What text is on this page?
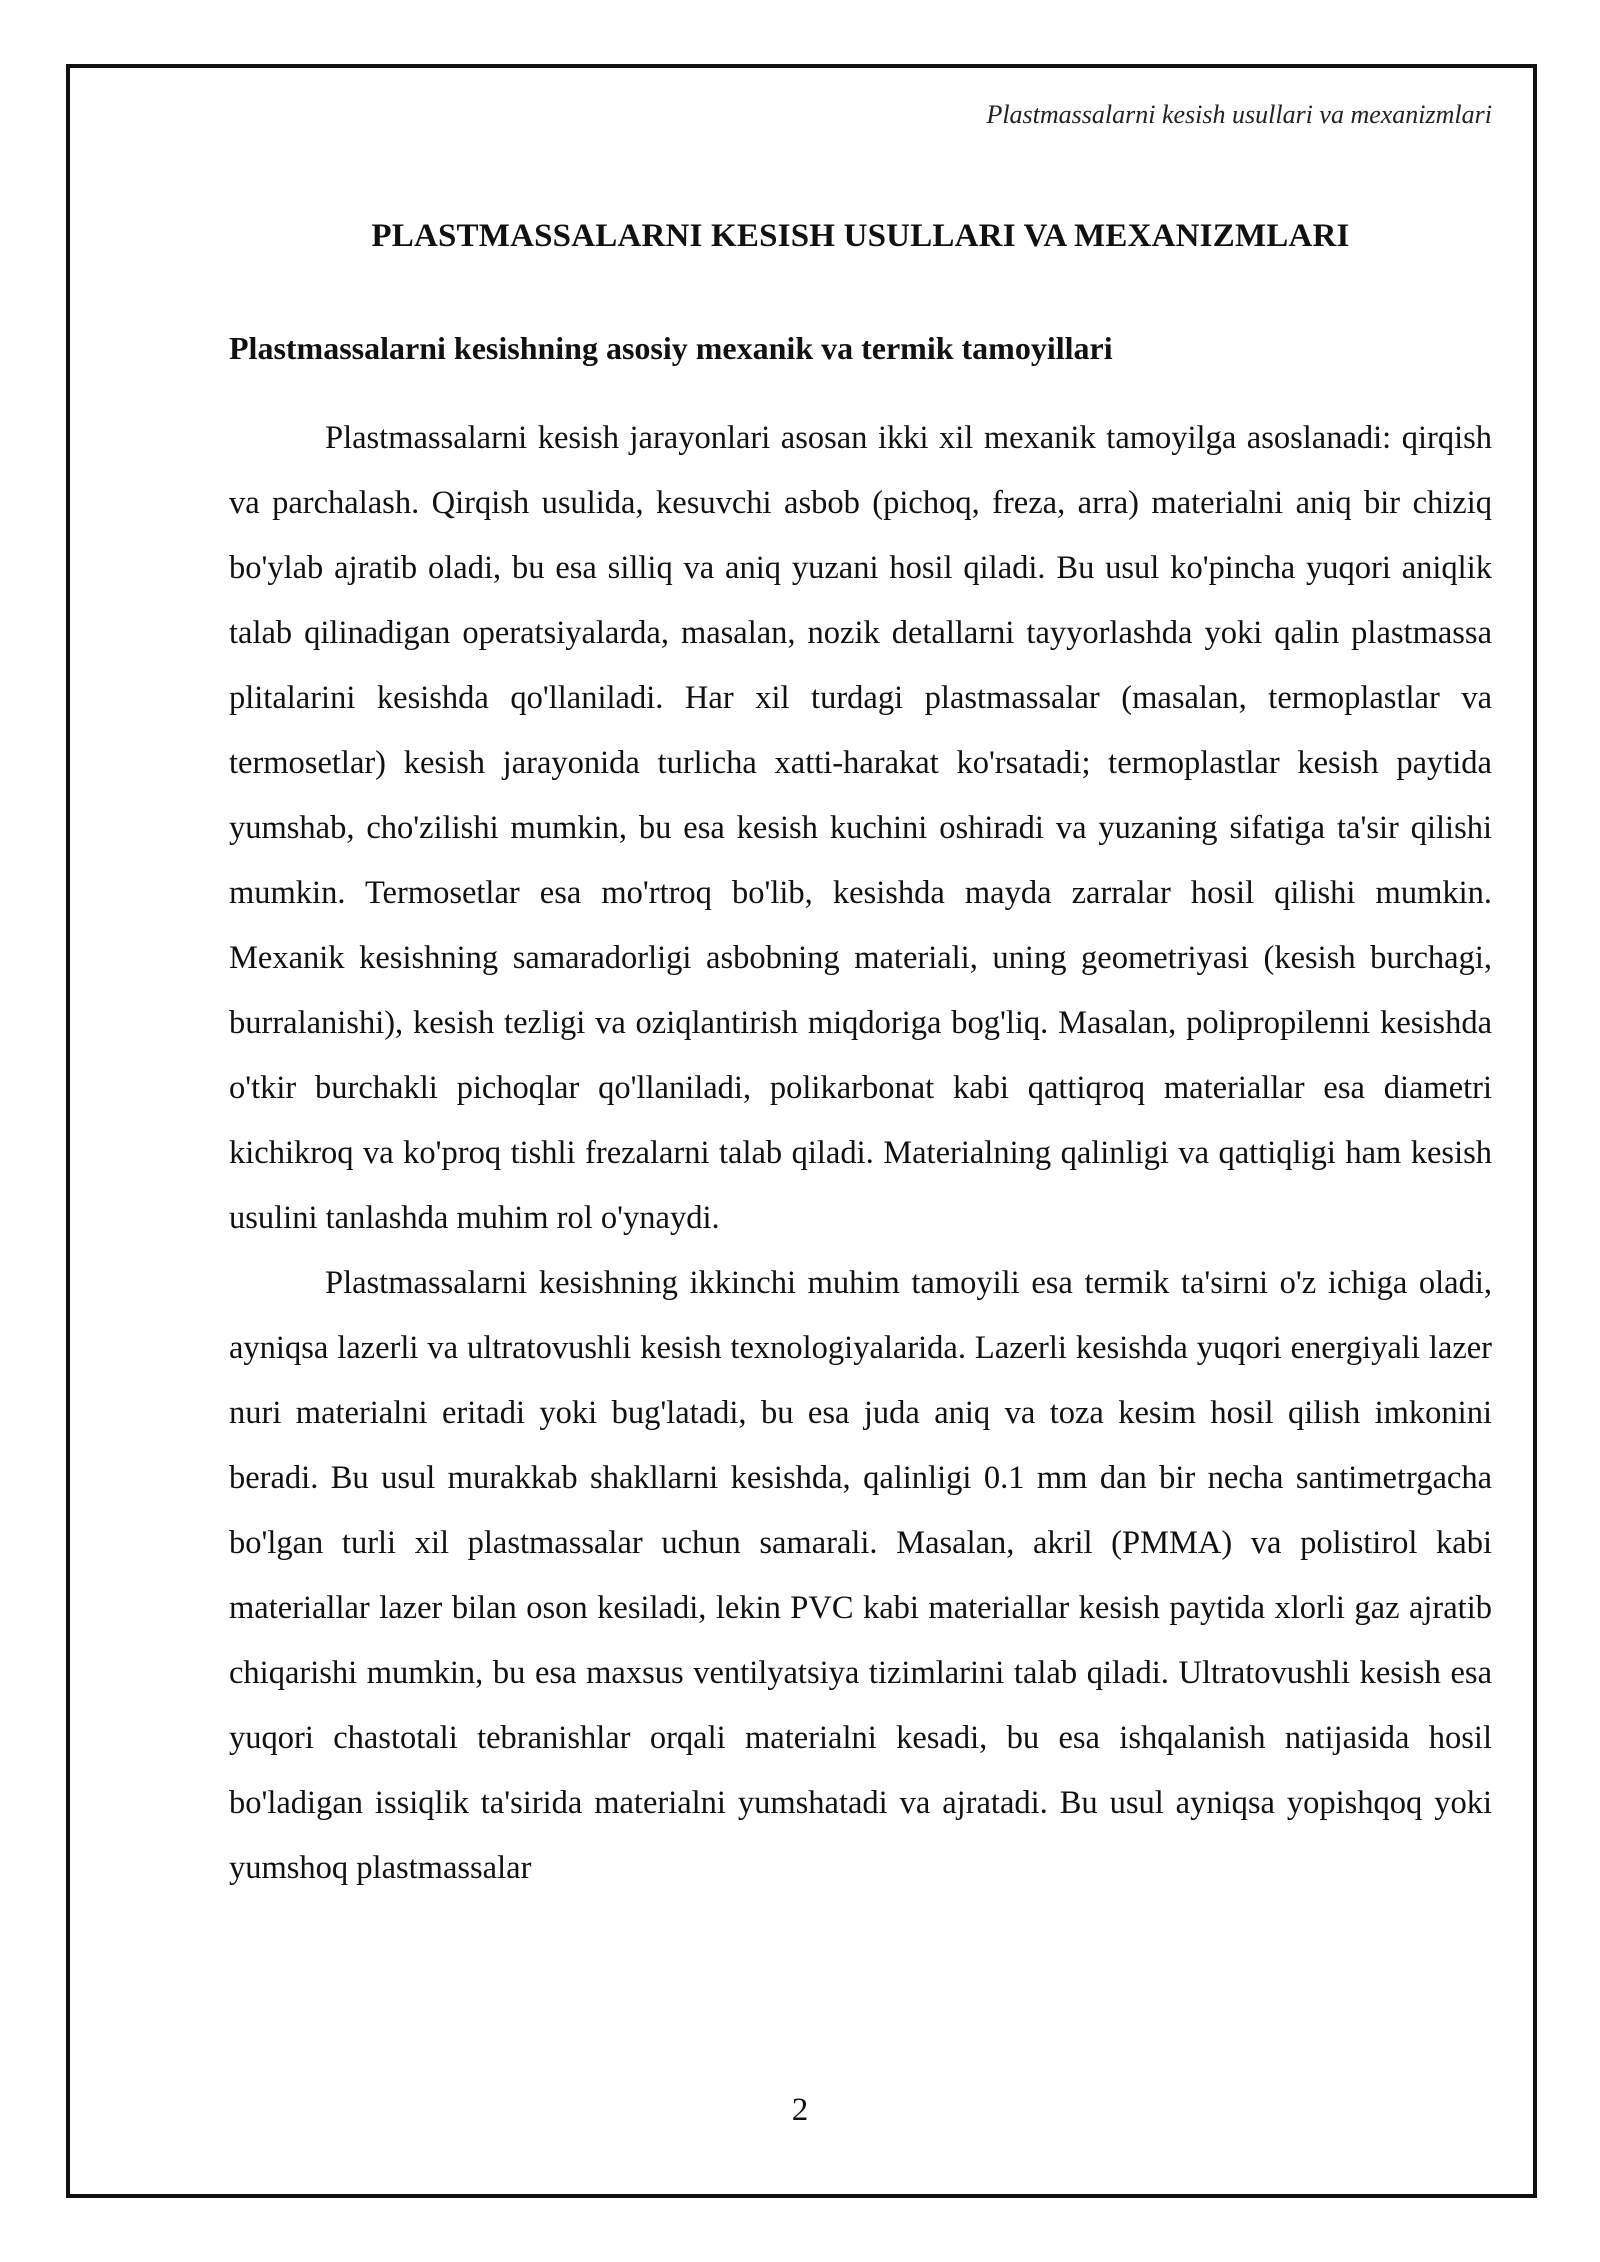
Plastmassalarni kesish usullari va mexanizmlari
PLASTMASSALARNI KESISH USULLARI VA MEXANIZMLARI
Plastmassalarni kesishning asosiy mexanik va termik tamoyillari

Plastmassalarni kesish jarayonlari asosan ikki xil mexanik tamoyilga asoslanadi: qirqish va parchalash. Qirqish usulida, kesuvchi asbob (pichoq, freza, arra) materialni aniq bir chiziq bo'ylab ajratib oladi, bu esa silliq va aniq yuzani hosil qiladi. Bu usul ko'pincha yuqori aniqlik talab qilinadigan operatsiyalarda, masalan, nozik detallarni tayyorlashda yoki qalin plastmassa plitalarini kesishda qo'llaniladi. Har xil turdagi plastmassalar (masalan, termoplastlar va termosetlar) kesish jarayonida turlicha xatti-harakat ko'rsatadi; termoplastlar kesish paytida yumshab, cho'zilishi mumkin, bu esa kesish kuchini oshiradi va yuzaning sifatiga ta'sir qilishi mumkin. Termosetlar esa mo'rtroq bo'lib, kesishda mayda zarralar hosil qilishi mumkin. Mexanik kesishning samaradorligi asbobning materiali, uning geometriyasi (kesish burchagi, burralanishi), kesish tezligi va oziqlantirish miqdoriga bog'liq. Masalan, polipropilenni kesishda o'tkir burchakli pichoqlar qo'llaniladi, polikarbonat kabi qattiqroq materiallar esa diametri kichikroq va ko'proq tishli frezalarni talab qiladi. Materialning qalinligi va qattiqligi ham kesish usulini tanlashda muhim rol o'ynaydi.

Plastmassalarni kesishning ikkinchi muhim tamoyili esa termik ta'sirni o'z ichiga oladi, ayniqsa lazerli va ultratovushli kesish texnologiyalarida. Lazerli kesishda yuqori energiyali lazer nuri materialni eritadi yoki bug'latadi, bu esa juda aniq va toza kesim hosil qilish imkonini beradi. Bu usul murakkab shakllarni kesishda, qalinligi 0.1 mm dan bir necha santimetrgacha bo'lgan turli xil plastmassalar uchun samarali. Masalan, akril (PMMA) va polistirol kabi materiallar lazer bilan oson kesiladi, lekin PVC kabi materiallar kesish paytida xlorli gaz ajratib chiqarishi mumkin, bu esa maxsus ventilyatsiya tizimlarini talab qiladi. Ultratovushli kesish esa yuqori chastotali tebranishlar orqali materialni kesadi, bu esa ishqalanish natijasida hosil bo'ladigan issiqlik ta'sirida materialni yumshatadi va ajratadi. Bu usul ayniqsa yopishqoq yoki yumshoq plastmassalar

2
